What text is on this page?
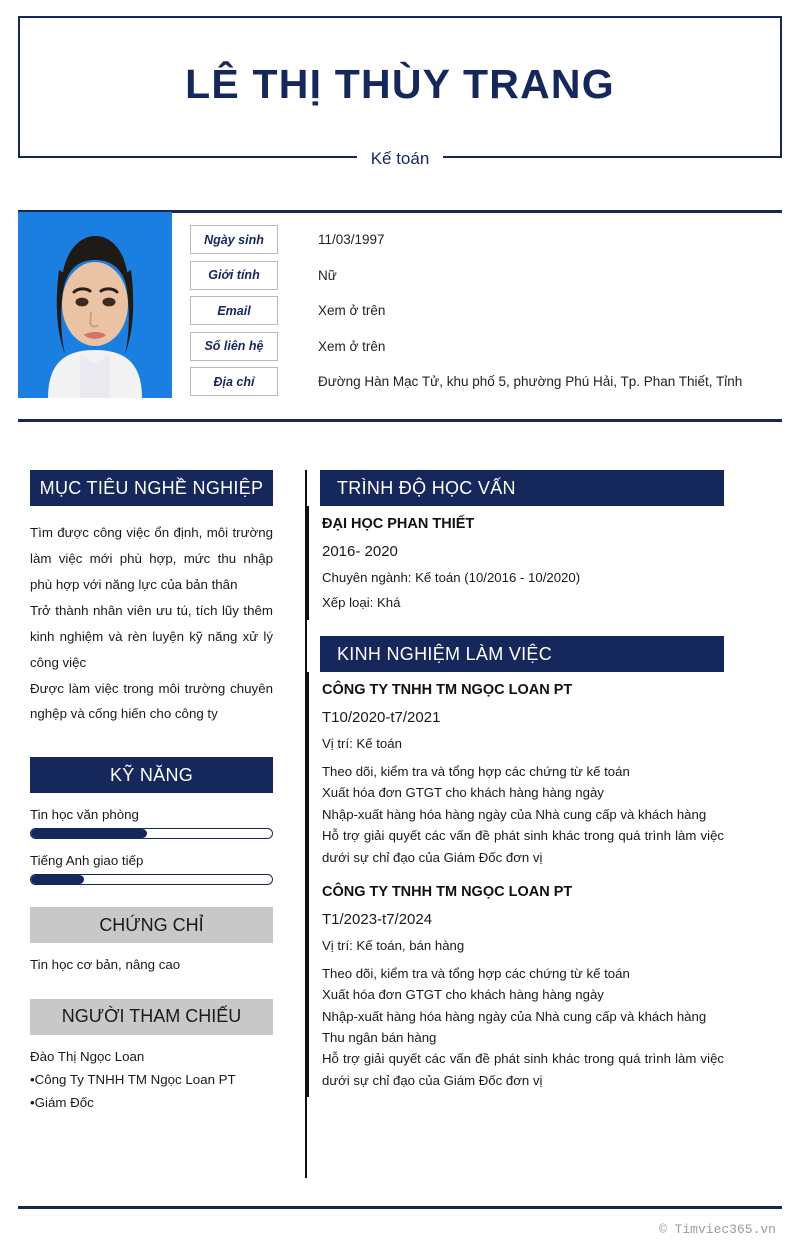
LÊ THỊ THÙY TRANG
Kế toán
Ngày sinh	11/03/1997
Giới tính	Nữ
Email	Xem ở trên
Số liên hệ	Xem ở trên
Địa chỉ	Đường Hàn Mạc Tử, khu phố 5, phường Phú Hải, Tp. Phan Thiết, Tỉnh
MỤC TIÊU NGHỀ NGHIỆP
Tìm được công việc ổn định, môi trường làm việc mới phù hợp, mức thu nhập phù hợp với năng lực của bản thân
Trở thành nhân viên ưu tú, tích lũy thêm kinh nghiệm và rèn luyện kỹ năng xử lý công việc
Được làm việc trong môi trường chuyên nghệp và cống hiến cho công ty
KỸ NĂNG
Tin học văn phòng
Tiếng Anh giao tiếp
CHỨNG CHỈ
Tin học cơ bản, nâng cao
NGƯỜI THAM CHIẾU
Đào Thị Ngọc Loan
•Công Ty TNHH TM Ngọc Loan PT
•Giám Đốc
TRÌNH ĐỘ HỌC VẤN
ĐẠI HỌC PHAN THIẾT
2016- 2020
Chuyên ngành: Kế toán (10/2016 - 10/2020)
Xếp loại: Khá
KINH NGHIỆM LÀM VIỆC
CÔNG TY TNHH TM NGỌC LOAN PT
T10/2020-t7/2021
Vị trí: Kế toán
Theo dõi, kiểm tra và tổng hợp các chứng từ kế toán
Xuất hóa đơn GTGT cho khách hàng hàng ngày
Nhập-xuất hàng hóa hàng ngày của Nhà cung cấp và khách hàng
Hỗ trợ giải quyết các vấn đề phát sinh khác trong quá trình làm việc dưới sự chỉ đạo của Giám Đốc đơn vị
CÔNG TY TNHH TM NGỌC LOAN PT
T1/2023-t7/2024
Vị trí: Kế toán, bán hàng
Theo dõi, kiểm tra và tổng hợp các chứng từ kế toán
Xuất hóa đơn GTGT cho khách hàng hàng ngày
Nhập-xuất hàng hóa hàng ngày của Nhà cung cấp và khách hàng
Thu ngân bán hàng
Hỗ trợ giải quyết các vấn đề phát sinh khác trong quá trình làm việc dưới sự chỉ đạo của Giám Đốc đơn vị
© Timviec365.vn
